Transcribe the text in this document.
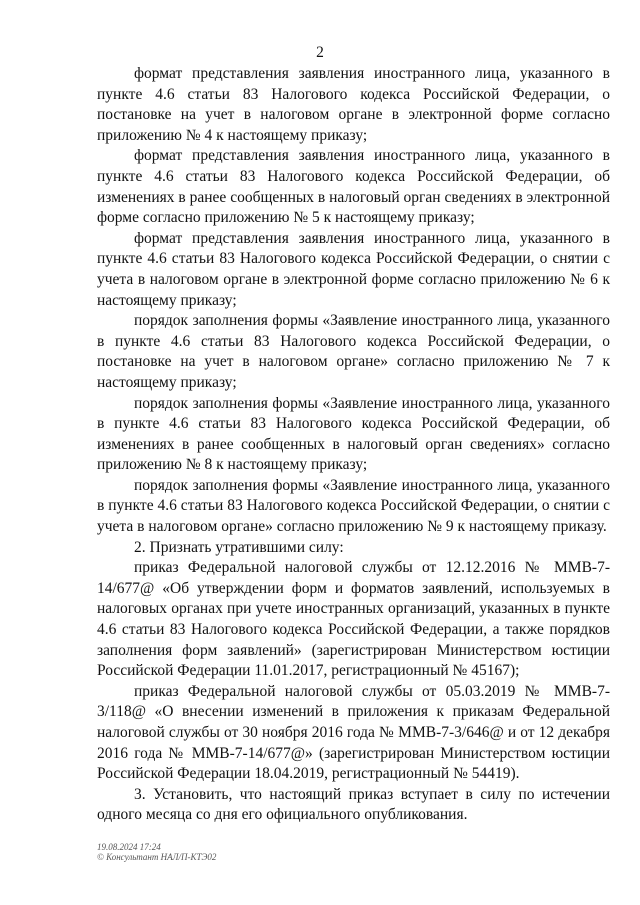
2

формат представления заявления иностранного лица, указанного в пункте 4.6 статьи 83 Налогового кодекса Российской Федерации, о постановке на учет в налоговом органе в электронной форме согласно приложению № 4 к настоящему приказу;

формат представления заявления иностранного лица, указанного в пункте 4.6 статьи 83 Налогового кодекса Российской Федерации, об изменениях в ранее сообщенных в налоговый орган сведениях в электронной форме согласно приложению № 5 к настоящему приказу;

формат представления заявления иностранного лица, указанного в пункте 4.6 статьи 83 Налогового кодекса Российской Федерации, о снятии с учета в налоговом органе в электронной форме согласно приложению № 6 к настоящему приказу;

порядок заполнения формы «Заявление иностранного лица, указанного в пункте 4.6 статьи 83 Налогового кодекса Российской Федерации, о постановке на учет в налоговом органе» согласно приложению № 7 к настоящему приказу;

порядок заполнения формы «Заявление иностранного лица, указанного в пункте 4.6 статьи 83 Налогового кодекса Российской Федерации, об изменениях в ранее сообщенных в налоговый орган сведениях» согласно приложению № 8 к настоящему приказу;

порядок заполнения формы «Заявление иностранного лица, указанного в пункте 4.6 статьи 83 Налогового кодекса Российской Федерации, о снятии с учета в налоговом органе» согласно приложению № 9 к настоящему приказу.

2. Признать утратившими силу:

приказ Федеральной налоговой службы от 12.12.2016 № ММВ-7-14/677@ «Об утверждении форм и форматов заявлений, используемых в налоговых органах при учете иностранных организаций, указанных в пункте 4.6 статьи 83 Налогового кодекса Российской Федерации, а также порядков заполнения форм заявлений» (зарегистрирован Министерством юстиции Российской Федерации 11.01.2017, регистрационный № 45167);

приказ Федеральной налоговой службы от 05.03.2019 № ММВ-7-3/118@ «О внесении изменений в приложения к приказам Федеральной налоговой службы от 30 ноября 2016 года № ММВ-7-3/646@ и от 12 декабря 2016 года № ММВ-7-14/677@» (зарегистрирован Министерством юстиции Российской Федерации 18.04.2019, регистрационный № 54419).

3. Установить, что настоящий приказ вступает в силу по истечении одного месяца со дня его официального опубликования.

19.08.2024 17:24
© Консультант НАЛ/П-КТЭ02
